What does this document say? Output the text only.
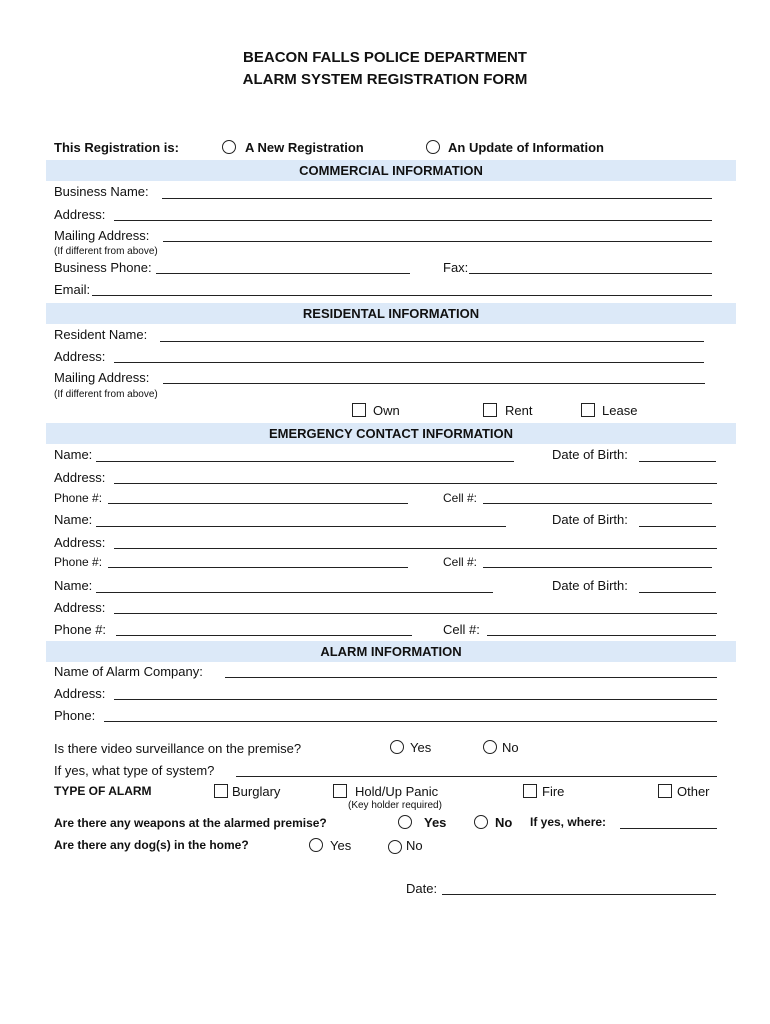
BEACON FALLS POLICE DEPARTMENT
ALARM SYSTEM REGISTRATION FORM
This Registration is:	A New Registration	An Update of Information
COMMERCIAL INFORMATION
Business Name:
Address:
Mailing Address:
(If different from above)
Business Phone:	Fax:
Email:
RESIDENTAL INFORMATION
Resident Name:
Address:
Mailing Address:
(If different from above)
Own	Rent	Lease
EMERGENCY CONTACT INFORMATION
Name:	Date of Birth:
Address:
Phone #:	Cell #:
Name:	Date of Birth:
Address:
Phone #:	Cell #:
Name:	Date of Birth:
Address:
Phone #:	Cell #:
ALARM INFORMATION
Name of Alarm Company:
Address:
Phone:
Is there video surveillance on the premise?	Yes	No
If yes, what type of system?
TYPE OF ALARM	Burglary	Hold/Up Panic
(Key holder required)
Fire	Other
Are there any weapons at the alarmed premise?	Yes	No If yes, where:
Are there any dog(s) in the home?	Yes	No
Date:
